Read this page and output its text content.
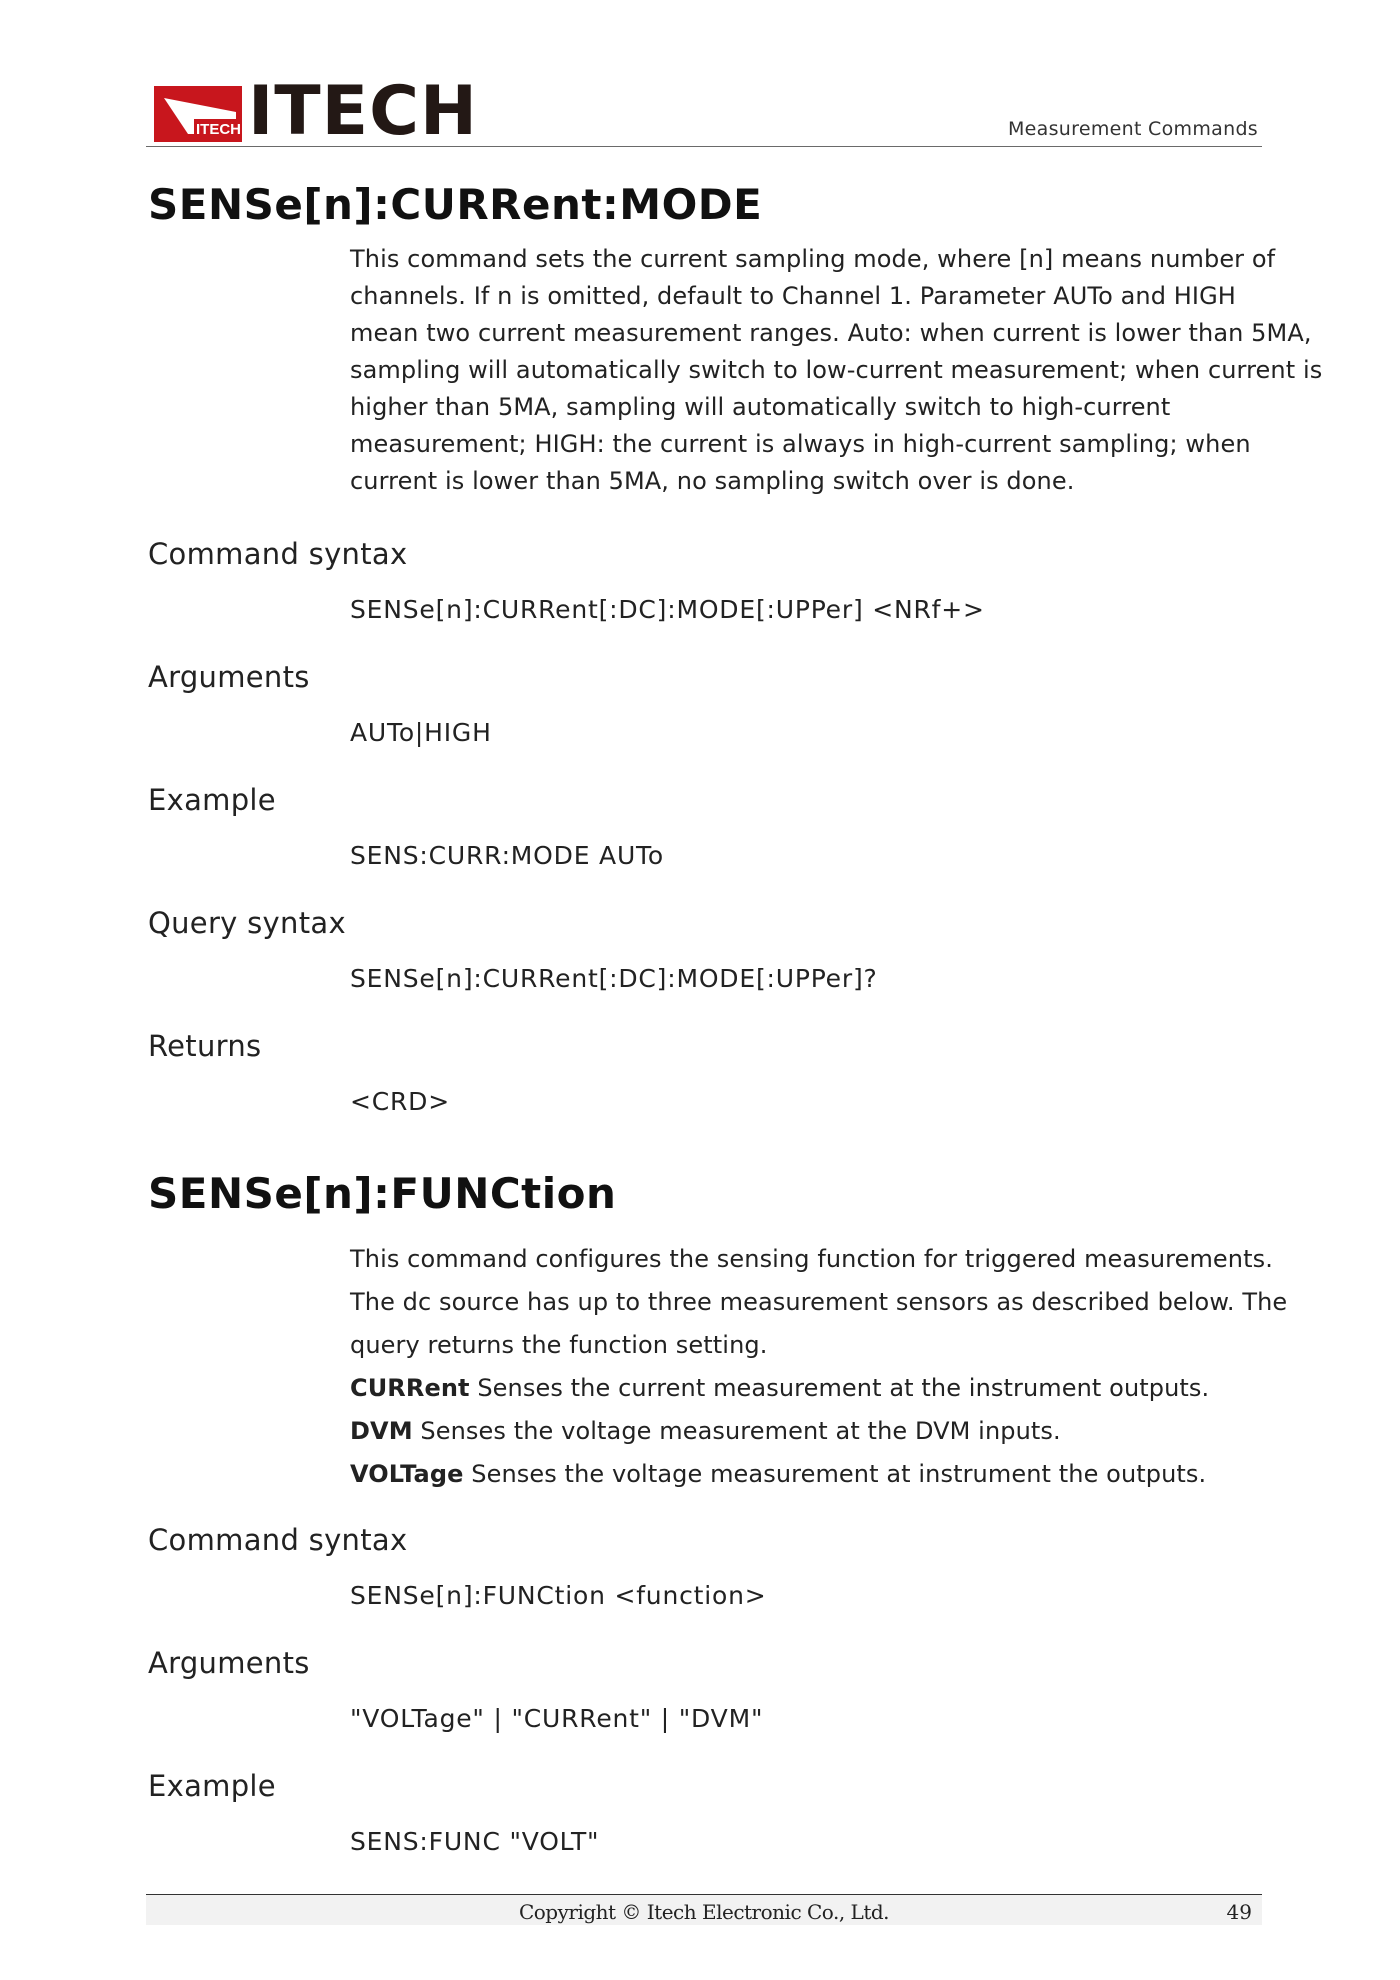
ITECH ITECH	Measurement Commands
SENSe[n]:CURRent:MODE
This command sets the current sampling mode, where [n] means number of
channels. If n is omitted, default to Channel 1. Parameter AUTo and HIGH
mean two current measurement ranges. Auto: when current is lower than 5MA,
sampling will automatically switch to low-current measurement; when current is
higher than 5MA, sampling will automatically switch to high-current
measurement; HIGH: the current is always in high-current sampling; when
current is lower than 5MA, no sampling switch over is done.
Command syntax
SENSe[n]:CURRent[:DC]:MODE[:UPPer] <NRf+>
Arguments
AUTo|HIGH
Example
SENS:CURR:MODE AUTo
Query syntax
SENSe[n]:CURRent[:DC]:MODE[:UPPer]?
Returns
<CRD>
SENSe[n]:FUNCtion
This command configures the sensing function for triggered measurements.
The dc source has up to three measurement sensors as described below. The
query returns the function setting.
CURRent Senses the current measurement at the instrument outputs.
DVM Senses the voltage measurement at the DVM inputs.
VOLTage Senses the voltage measurement at instrument the outputs.
Command syntax
SENSe[n]:FUNCtion <function>
Arguments
"VOLTage" | "CURRent" | "DVM"
Example
SENS:FUNC "VOLT"
Copyright © Itech Electronic Co., Ltd.	49
